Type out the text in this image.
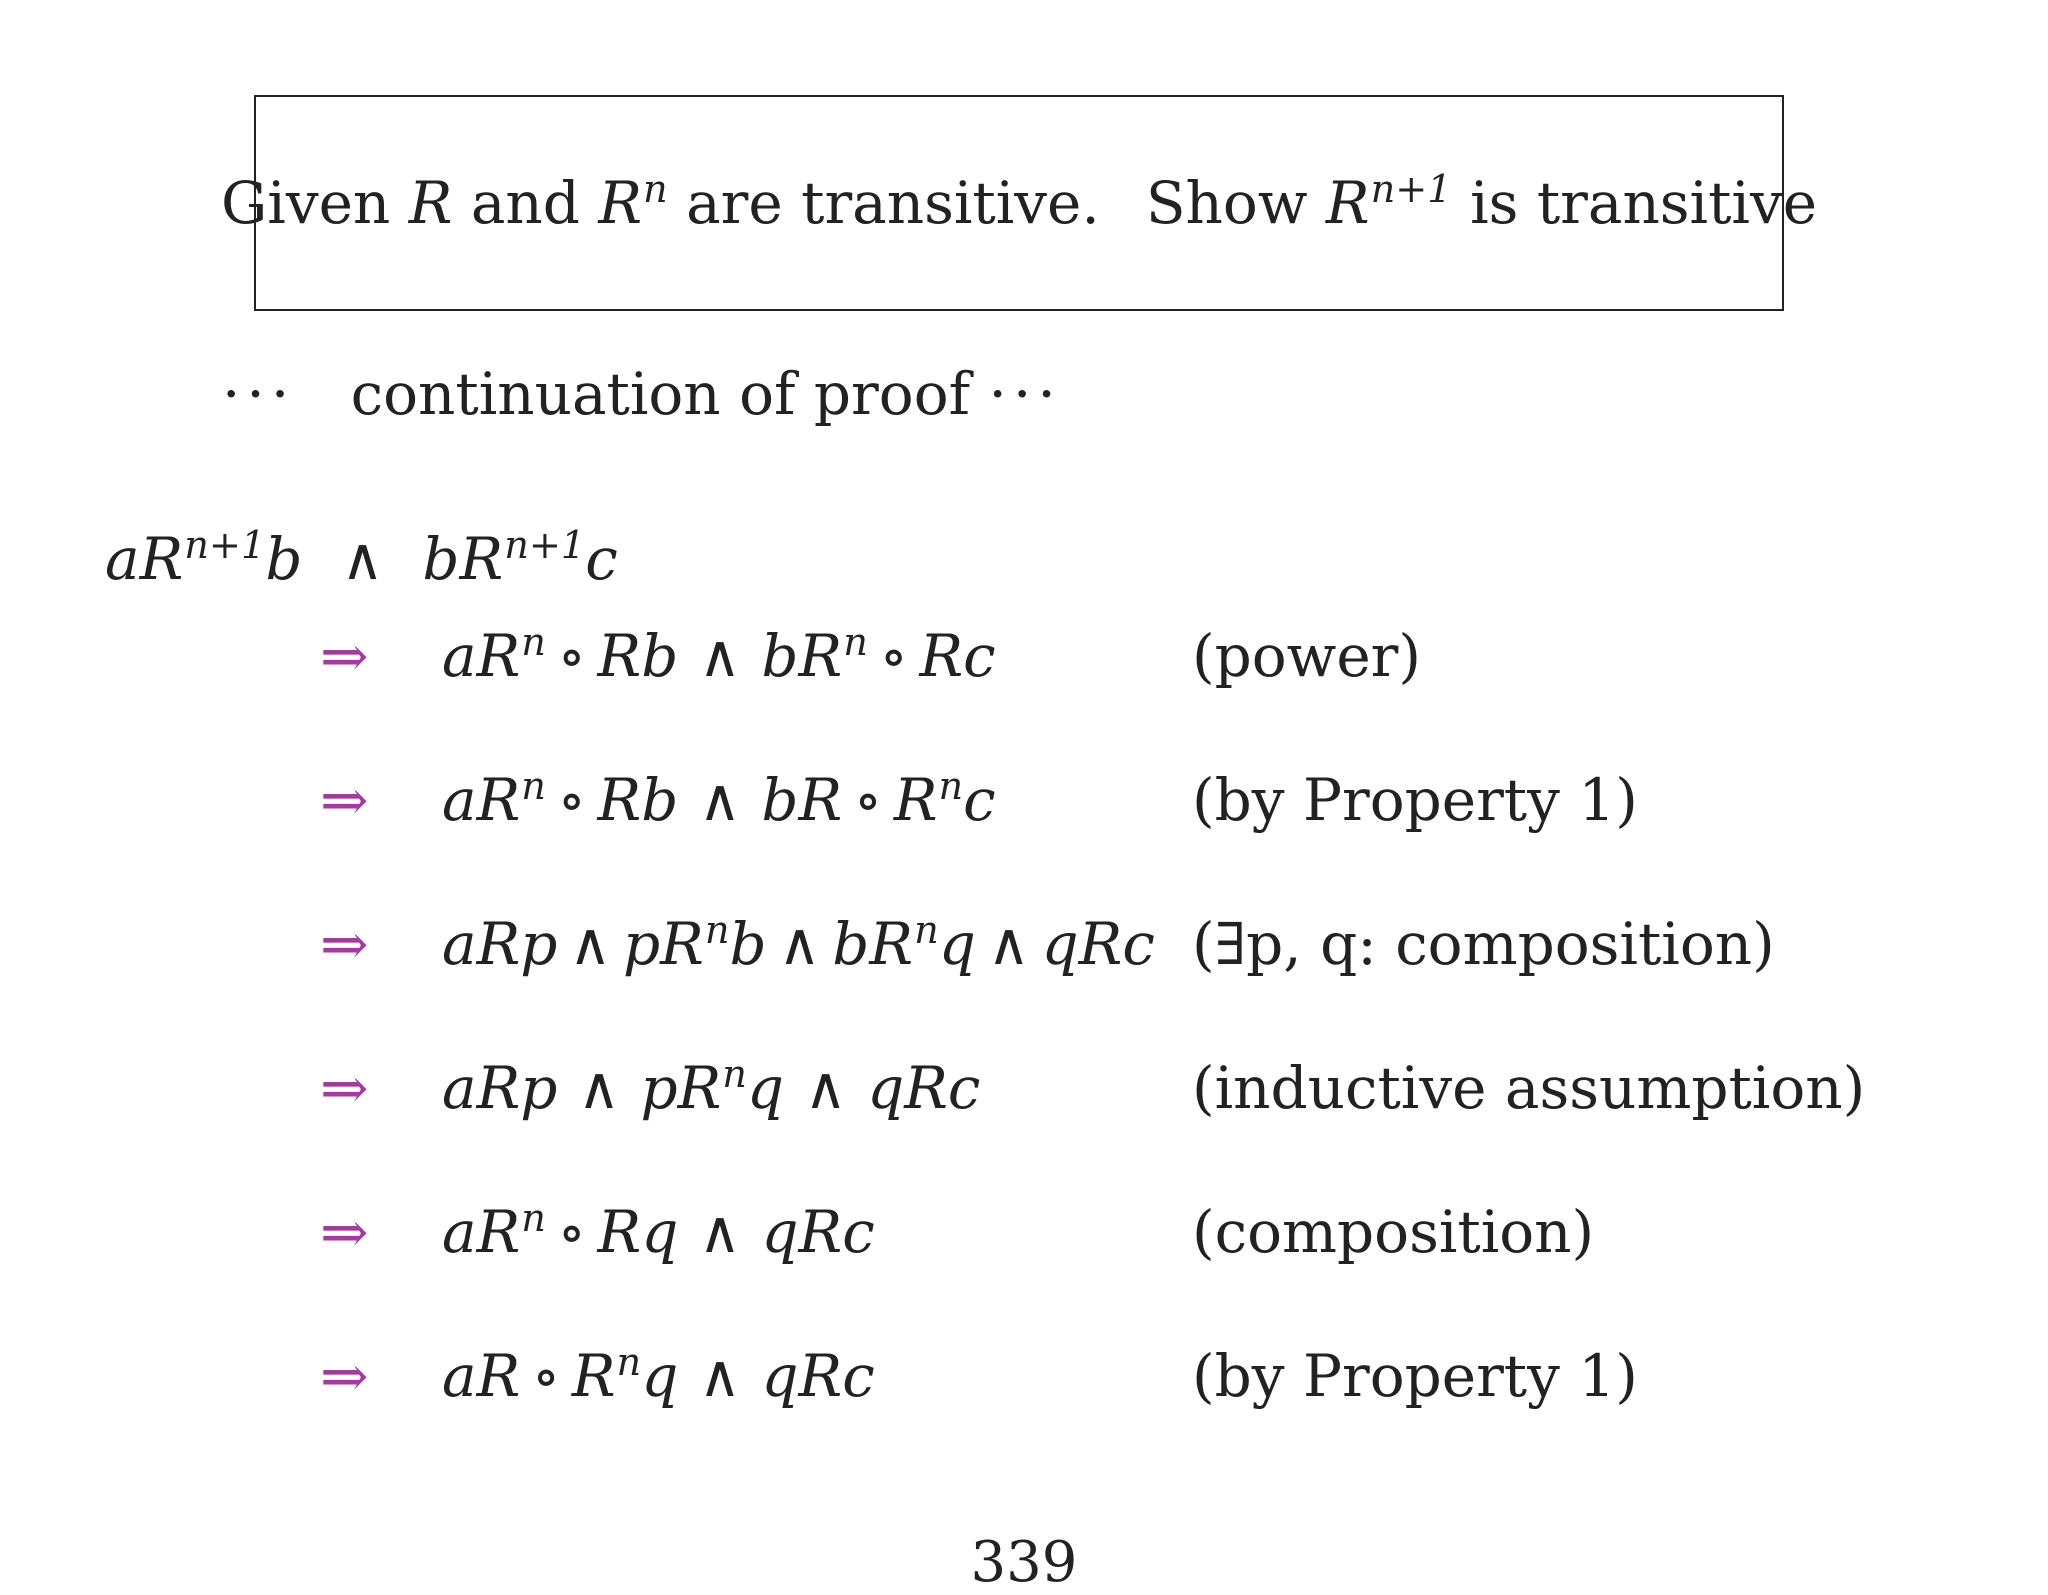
Given R and $R^n$ are transitive. Show $R^{n+1}$ is transitive
··· continuation of proof ···
$aR^{n+1}b$ ∧ $bR^{n+1}c$
⇒ $aR^n$ ∘ Rb ∧ $bR^n$ ∘ Rc	(power)
⇒ $aR^n$ ∘ Rb ∧ bR ∘ $R^nc$	(by Property 1)
⇒ aRp ∧ $pR^nb$ ∧ $bR^nq$ ∧ qRc (∃p, q: composition)
⇒ aRp ∧ $pR^nq$ ∧ qRc	(inductive assumption)
⇒ $aR^n$ ∘ Rq ∧ qRc	(composition)
⇒ aR ∘ $R^nq$ ∧ qRc	(by Property 1)
339
